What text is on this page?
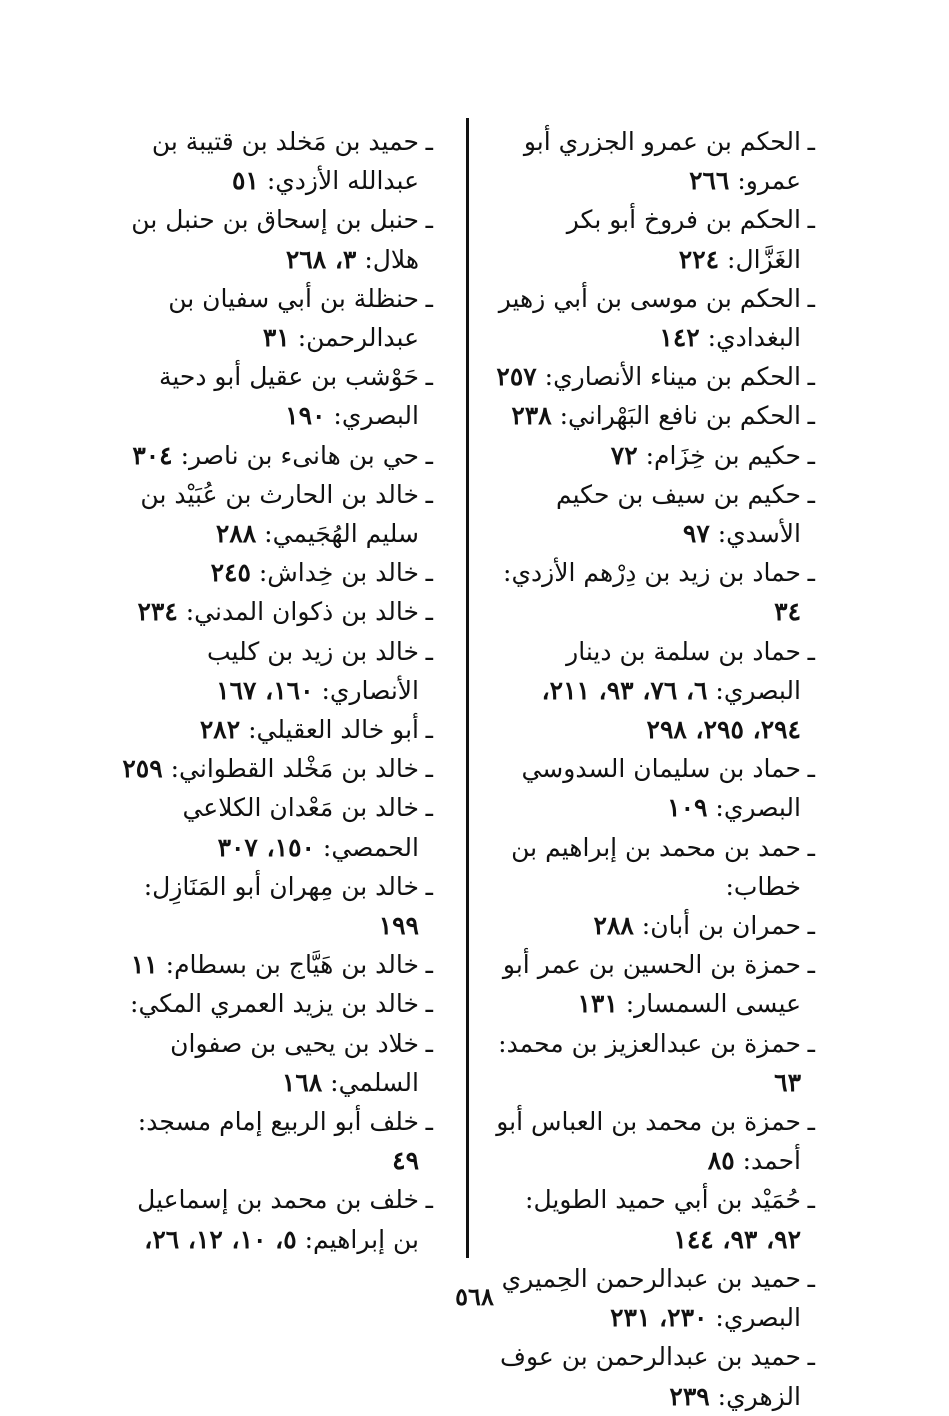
ـالحكم بن عمرو الجزري أبو عمرو: ٢٦٦

ـالحكم بن فروخ أبو بكر الغَزَّال: ٢٢٤

ـالحكم بن موسى بن أبي زهير البغدادي: ١٤٢

ـالحكم بن ميناء الأنصاري: ٢٥٧

ـالحكم بن نافع البَهْراني: ٢٣٨

ـحكيم بن خِزَام: ٧٢

ـحكيم بن سيف بن حكيم الأسدي: ٩٧

ـحماد بن زيد بن دِرْهم الأزدي: ٣٤

ـحماد بن سلمة بن دينار البصري: ٦، ٧٦، ٩٣، ٢١١، ٢٩٤، ٢٩٥، ٢٩٨

ـحماد بن سليمان السدوسي البصري: ١٠٩

ـحمد بن محمد بن إبراهيم بن خطاب:

ـحمران بن أبان: ٢٨٨

ـحمزة بن الحسين بن عمر أبو عيسى السمسار: ١٣١

ـحمزة بن عبدالعزيز بن محمد: ٦٣

ـحمزة بن محمد بن العباس أبو أحمد: ٨٥

ـحُمَيْد بن أبي حميد الطويل: ٩٢، ٩٣، ١٤٤

ـحميد بن عبدالرحمن الحِميري البصري: ٢٣٠، ٢٣١

ـحميد بن عبدالرحمن بن عوف الزهري: ٢٣٩

ـحميد بن مَخلد بن قتيبة بن عبدالله الأزدي: ٥١

ـحنبل بن إسحاق بن حنبل بن هلال: ٣، ٢٦٨

ـحنظلة بن أبي سفيان بن عبدالرحمن: ٣١

ـحَوْشب بن عقيل أبو دحية البصري: ١٩٠

ـحي بن هانىء بن ناصر: ٣٠٤

ـخالد بن الحارث بن عُبَيْد بن سليم الهُجَيمي: ٢٨٨

ـخالد بن خِداش: ٢٤٥

ـخالد بن ذكوان المدني: ٢٣٤

ـخالد بن زيد بن كليب الأنصاري: ١٦٠، ١٦٧

ـأبو خالد العقيلي: ٢٨٢

ـخالد بن مَخْلد القطواني: ٢٥٩

ـخالد بن مَعْدان الكلاعي الحمصي: ١٥٠، ٣٠٧

ـخالد بن مِهران أبو المَنَازِل: ١٩٩

ـخالد بن هَيَّاج بن بسطام: ١١

ـخالد بن يزيد العمري المكي:

ـخلاد بن يحيى بن صفوان السلمي: ١٦٨

ـخلف أبو الربيع إمام مسجد: ٤٩

ـخلف بن محمد بن إسماعيل بن إبراهيم: ٥، ١٠، ١٢، ٢٦،

٥٦٨
